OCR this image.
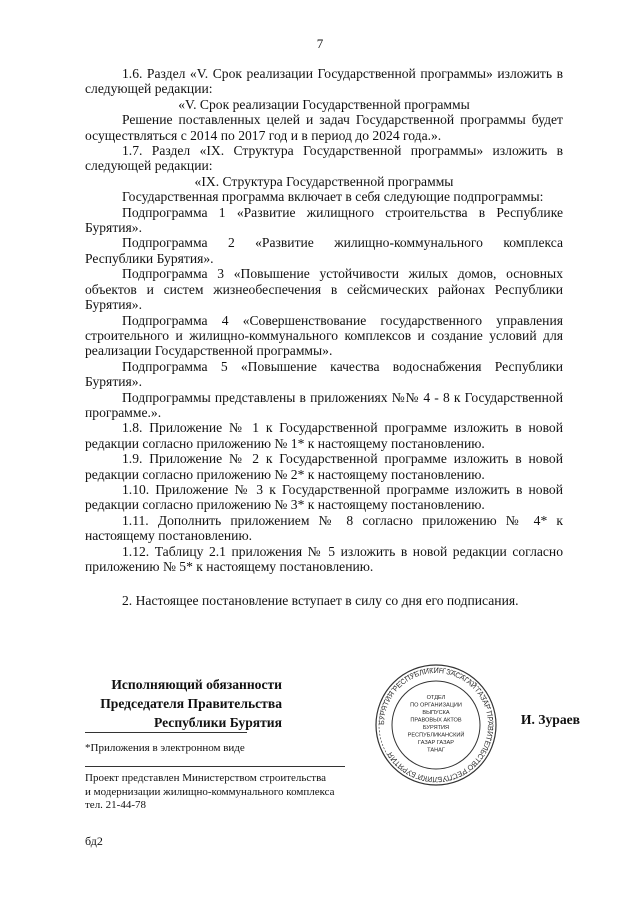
7

1.6. Раздел «V. Срок реализации Государственной программы» изложить в следующей редакции:

«V. Срок реализации Государственной программы

Решение поставленных целей и задач Государственной программы будет осуществляться с 2014 по 2017 год и в период до 2024 года.».

1.7. Раздел «IX. Структура Государственной программы» изложить в следующей редакции:

«IX. Структура Государственной программы

Государственная программа включает в себя следующие подпрограммы:

Подпрограмма 1 «Развитие жилищного строительства в Республике Бурятия».

Подпрограмма 2 «Развитие жилищно-коммунального комплекса Республики Бурятия».

Подпрограмма 3 «Повышение устойчивости жилых домов, основных объектов и систем жизнеобеспечения в сейсмических районах Республики Бурятия».

Подпрограмма 4 «Совершенствование государственного управления строительного и жилищно-коммунального комплексов и создание условий для реализации Государственной программы».

Подпрограмма 5 «Повышение качества водоснабжения Республики Бурятия».

Подпрограммы представлены в приложениях №№ 4 - 8 к Государственной программе.».

1.8. Приложение № 1 к Государственной программе изложить в новой редакции согласно приложению № 1* к настоящему постановлению.

1.9. Приложение № 2 к Государственной программе изложить в новой редакции согласно приложению № 2* к настоящему постановлению.

1.10. Приложение № 3 к Государственной программе изложить в новой редакции согласно приложению № 3* к настоящему постановлению.

1.11. Дополнить приложением № 8 согласно приложению № 4* к настоящему постановлению.

1.12. Таблицу 2.1 приложения № 5 изложить в новой редакции согласно приложению № 5* к настоящему постановлению.

2. Настоящее постановление вступает в силу со дня его подписания.

Исполняющий обязанности
Председателя Правительства
Республики Бурятия	БУРЯТИЯ РЕСПУБЛИКИН ЗАСАГАЙ ГАЗАР ПРАВИТЕЛЬСТВО РЕСПУБЛИКИ БУРЯТИЯ
ОТДЕЛ
ПО ОРГАНИЗАЦИИ
ВЫПУСКА
ПРАВОВЫХ АКТОВ
БУРЯТИЯ
РЕСПУБЛИКАНСКИЙ
ГАЗАР ГАЗАР
ТАНАГ
И. Зураев
*Приложения в электронном виде
Проект представлен Министерством строительства
и модернизации жилищно-коммунального комплекса
тел. 21-44-78
бд2
